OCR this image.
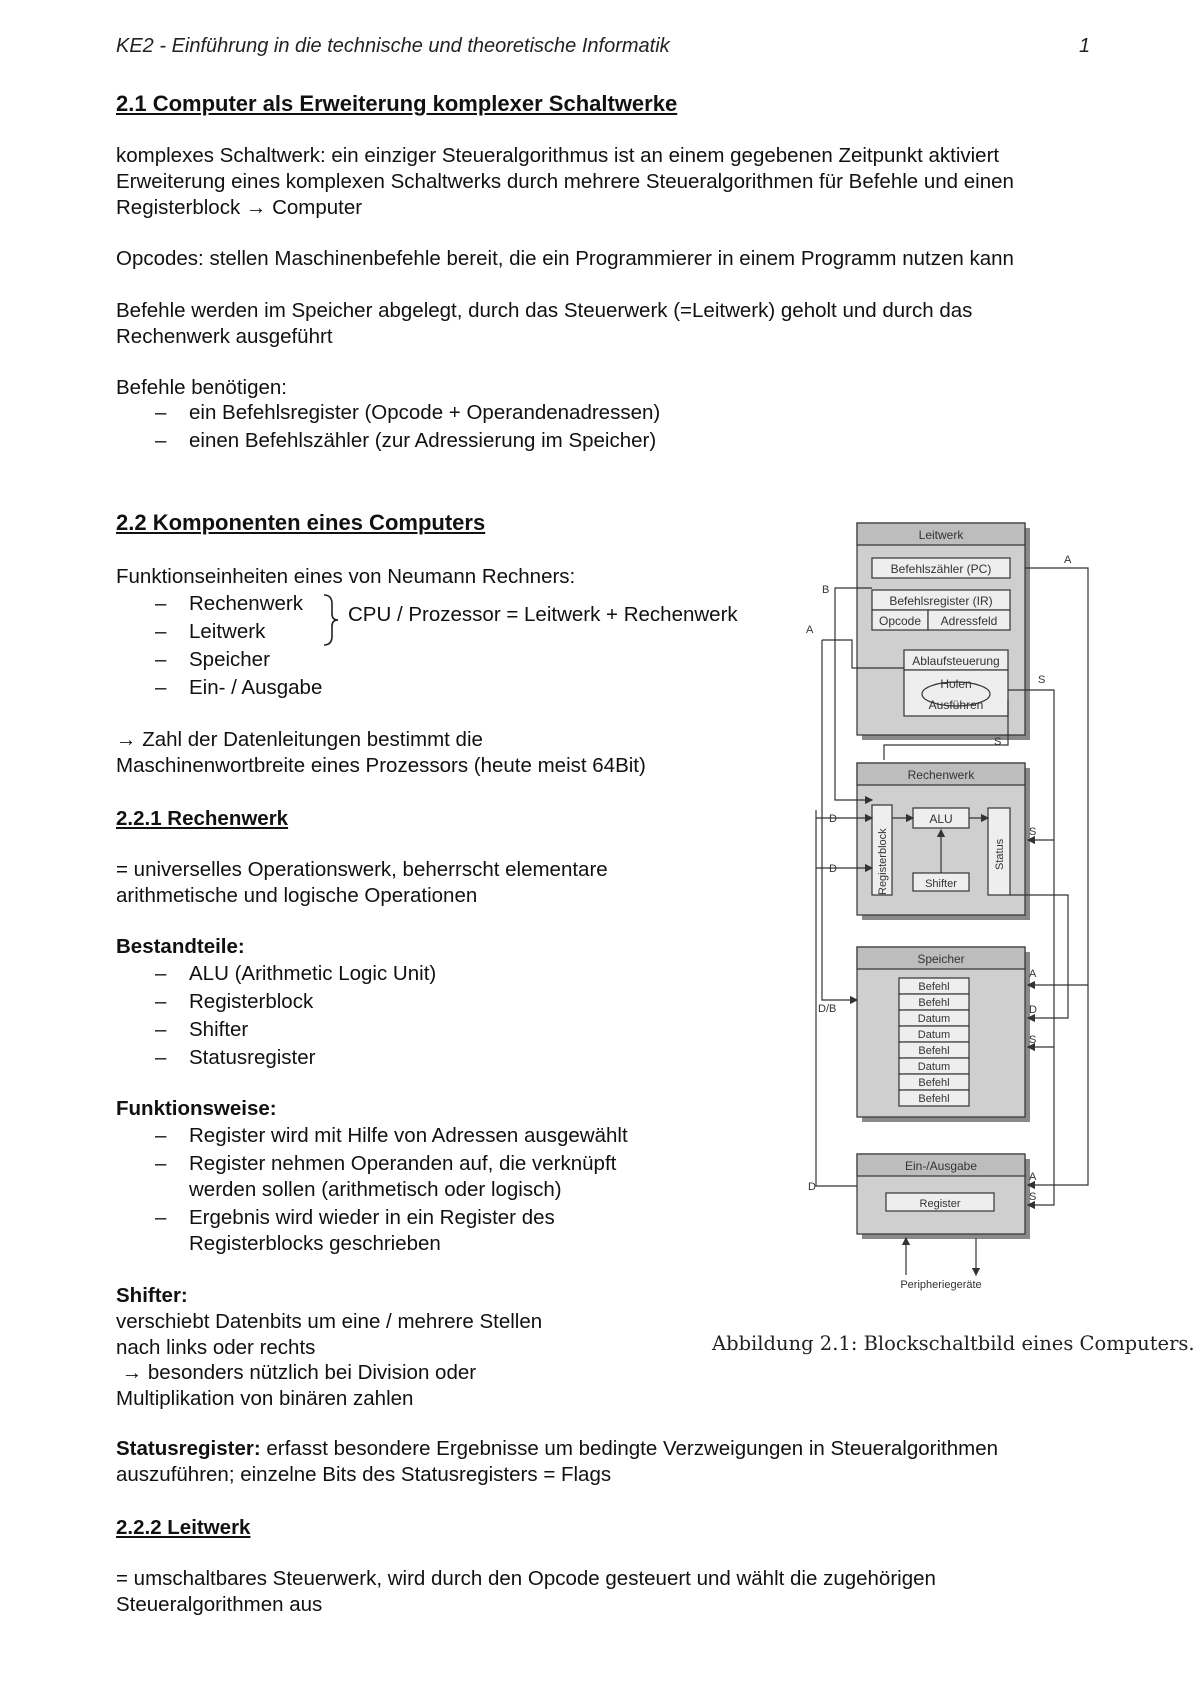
KE2 - Einführung in die technische und theoretische Informatik	1
2.1 Computer als Erweiterung komplexer Schaltwerke
komplexes Schaltwerk: ein einziger Steueralgorithmus ist an einem gegebenen Zeitpunkt aktiviert
Erweiterung eines komplexen Schaltwerks durch mehrere Steueralgorithmen für Befehle und einen
Registerblock → Computer
Opcodes: stellen Maschinenbefehle bereit, die ein Programmierer in einem Programm nutzen kann
Befehle werden im Speicher abgelegt, durch das Steuerwerk (=Leitwerk) geholt und durch das
Rechenwerk ausgeführt
Befehle benötigen:
– ein Befehlsregister (Opcode + Operandenadressen)
– einen Befehlszähler (zur Adressierung im Speicher)
2.2 Komponenten eines Computers
Funktionseinheiten eines von Neumann Rechners:
– Rechenwerk
– Leitwerk
– Speicher
– Ein- / Ausgabe
CPU / Prozessor = Leitwerk + Rechenwerk
→ Zahl der Datenleitungen bestimmt die
Maschinenwortbreite eines Prozessors (heute meist 64Bit)
2.2.1 Rechenwerk
= universelles Operationswerk, beherrscht elementare
arithmetische und logische Operationen
Bestandteile:
– ALU (Arithmetic Logic Unit)
– Registerblock
– Shifter
– Statusregister
Funktionsweise:
– Register wird mit Hilfe von Adressen ausgewählt
– Register nehmen Operanden auf, die verknüpft
werden sollen (arithmetisch oder logisch)
– Ergebnis wird wieder in ein Register des
Registerblocks geschrieben
Shifter:
verschiebt Datenbits um eine / mehrere Stellen
nach links oder rechts
→ besonders nützlich bei Division oder
Multiplikation von binären zahlen
Statusregister: erfasst besondere Ergebnisse um bedingte Verzweigungen in Steueralgorithmen
auszuführen; einzelne Bits des Statusregisters = Flags
2.2.2 Leitwerk
= umschaltbares Steuerwerk, wird durch den Opcode gesteuert und wählt die zugehörigen
Steueralgorithmen aus
Leitwerk
Befehlszähler (PC)
Befehlsregister (IR)
Opcode Adressfeld
Ablaufsteuerung
Holen
Ausführen
Rechenwerk
Registerblock
ALU
Shifter
Status
Speicher
Befehl
Befehl
Datum
Datum
Befehl
Datum
Befehl
Befehl
Ein-/Ausgabe
Register
Peripheriegeräte
A
B
A
S
S
D
S
D
A
D/B	D
S
A
D
S
Abbildung 2.1: Blockschaltbild eines Computers.
